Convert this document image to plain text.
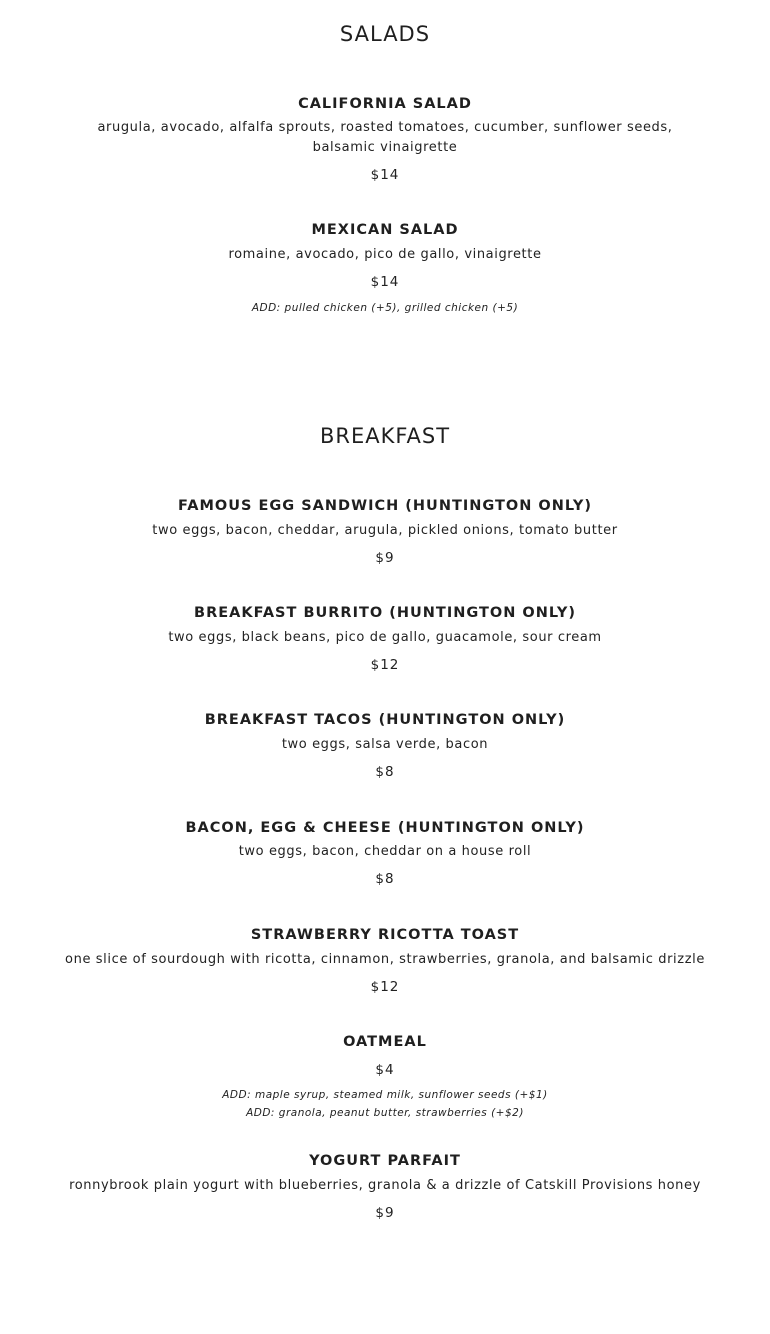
SALADS
CALIFORNIA SALAD
arugula, avocado, alfalfa sprouts, roasted tomatoes, cucumber, sunflower seeds, balsamic vinaigrette
$14
MEXICAN SALAD
romaine, avocado, pico de gallo, vinaigrette
$14
ADD: pulled chicken (+5), grilled chicken (+5)
BREAKFAST
FAMOUS EGG SANDWICH (HUNTINGTON ONLY)
two eggs, bacon, cheddar, arugula, pickled onions, tomato butter
$9
BREAKFAST BURRITO (HUNTINGTON ONLY)
two eggs, black beans, pico de gallo, guacamole, sour cream
$12
BREAKFAST TACOS (HUNTINGTON ONLY)
two eggs, salsa verde, bacon
$8
BACON, EGG & CHEESE (HUNTINGTON ONLY)
two eggs, bacon, cheddar on a house roll
$8
STRAWBERRY RICOTTA TOAST
one slice of sourdough with ricotta, cinnamon, strawberries, granola, and balsamic drizzle
$12
OATMEAL
$4
ADD: maple syrup, steamed milk, sunflower seeds (+$1)
ADD: granola, peanut butter, strawberries (+$2)
YOGURT PARFAIT
ronnybrook plain yogurt with blueberries, granola & a drizzle of Catskill Provisions honey
$9
